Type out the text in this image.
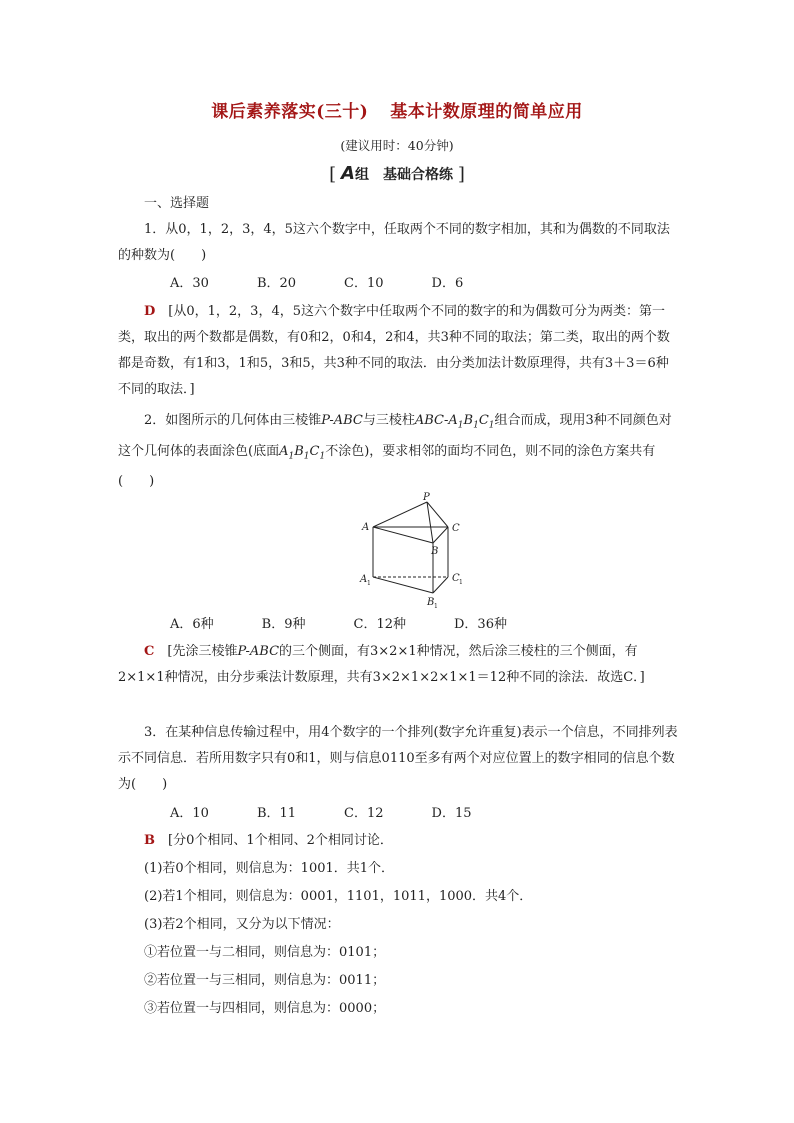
课后素养落实(三十) 基本计数原理的简单应用
(建议用时：40分钟)
[ A组 基础合格练 ]

一、选择题

1．从0，1，2，3，4，5这六个数字中，任取两个不同的数字相加，其和为偶数的不同取法的种数为(　　)

A．30	B．20	C．10	D．6

D　 [从0，1，2，3，4，5这六个数字中任取两个不同的数字的和为偶数可分为两类：第一类，取出的两个数都是偶数，有0和2，0和4，2和4，共3种不同的取法；第二类，取出的两个数都是奇数，有1和3，1和5，3和5，共3种不同的取法．由分类加法计数原理得，共有3＋3＝6种不同的取法．]

2．如图所示的几何体由三棱锥P-ABC与三棱柱ABC-$A_1B_1C_1$组合而成，现用3种不同颜色对这个几何体的表面涂色(底面$A_1B_1C_1$不涂色)，要求相邻的面均不同色，则不同的涂色方案共有(　　)

P
A	C
B
A 1	C 1
B 1

A．6种	B．9种	C．12种	D．36种

C　 [先涂三棱锥P-ABC的三个侧面，有3×2×1种情况，然后涂三棱柱的三个侧面，有2×1×1种情况，由分步乘法计数原理，共有3×2×1×2×1×1＝12种不同的涂法．故选C．]

3．在某种信息传输过程中，用4个数字的一个排列(数字允许重复)表示一个信息，不同排列表示不同信息．若所用数字只有0和1，则与信息0110至多有两个对应位置上的数字相同的信息个数为(　　)

A．10	B．11	C．12	D．15

B　 [分0个相同、1个相同、2个相同讨论．

(1)若0个相同，则信息为：1001．共1个．

(2)若1个相同，则信息为：0001，1101，1011，1000．共4个．

(3)若2个相同，又分为以下情况：

①若位置一与二相同，则信息为：0101；

②若位置一与三相同，则信息为：0011；

③若位置一与四相同，则信息为：0000；
